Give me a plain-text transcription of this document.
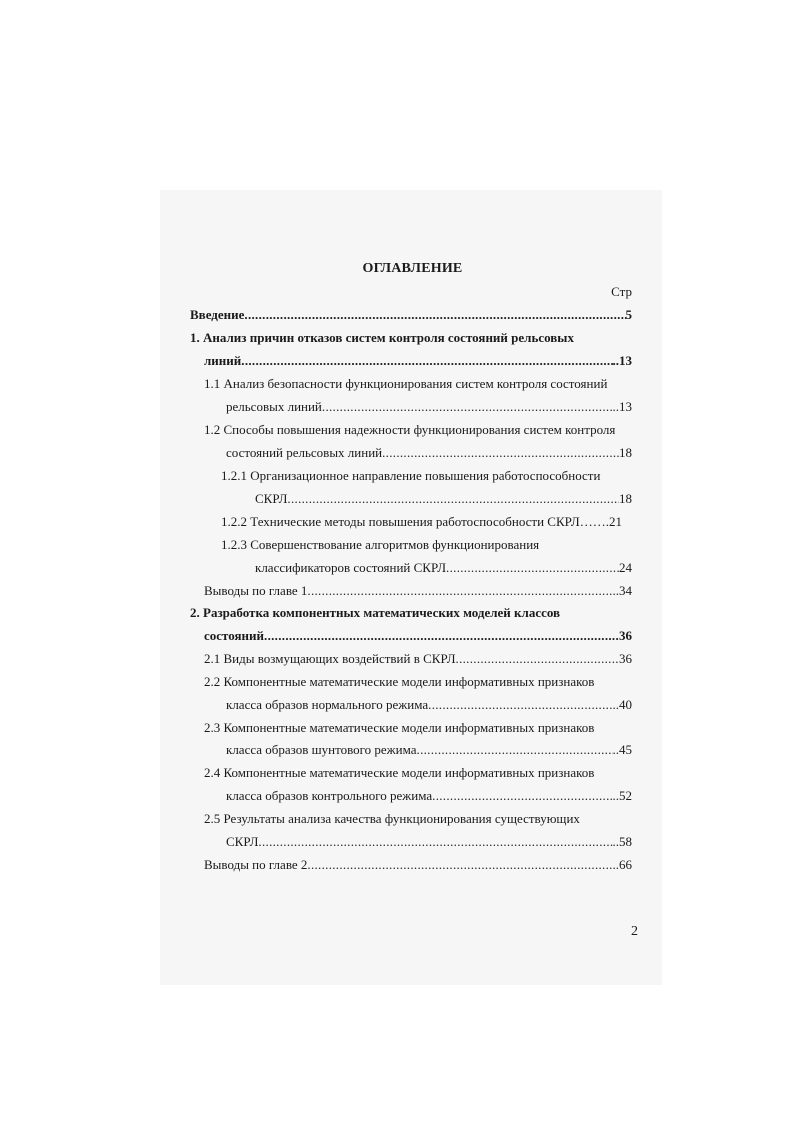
ОГЛАВЛЕНИЕ
Стр
Введение .....	5
1. Анализ причин отказов систем контроля состояний рельсовых
линий .....	..13
1.1 Анализ безопасности функционирования систем контроля состояний
рельсовых линий .....	..13
1.2 Способы повышения надежности функционирования систем контроля
состояний рельсовых линий .....	18
1.2.1 Организационное направление повышения работоспособности
СКРЛ .....	18
1.2.2 Технические методы повышения работоспособности СКРЛ …….21
1.2.3 Совершенствование алгоритмов функционирования
классификаторов состояний СКРЛ .....	24
Выводы по главе 1 .....	..34
2. Разработка компонентных математических моделей классов
состояний .....	36
2.1 Виды возмущающих воздействий в СКРЛ .....	36
2.2 Компонентные математические модели информативных признаков
класса образов нормального режима .....	..40
2.3 Компонентные математические модели информативных признаков
класса образов шунтового режима .....	..45
2.4 Компонентные математические модели информативных признаков
класса образов контрольного режима .....	..52
2.5 Результаты анализа качества функционирования существующих
СКРЛ .....	..58
Выводы по главе 2 .....	..66
2
